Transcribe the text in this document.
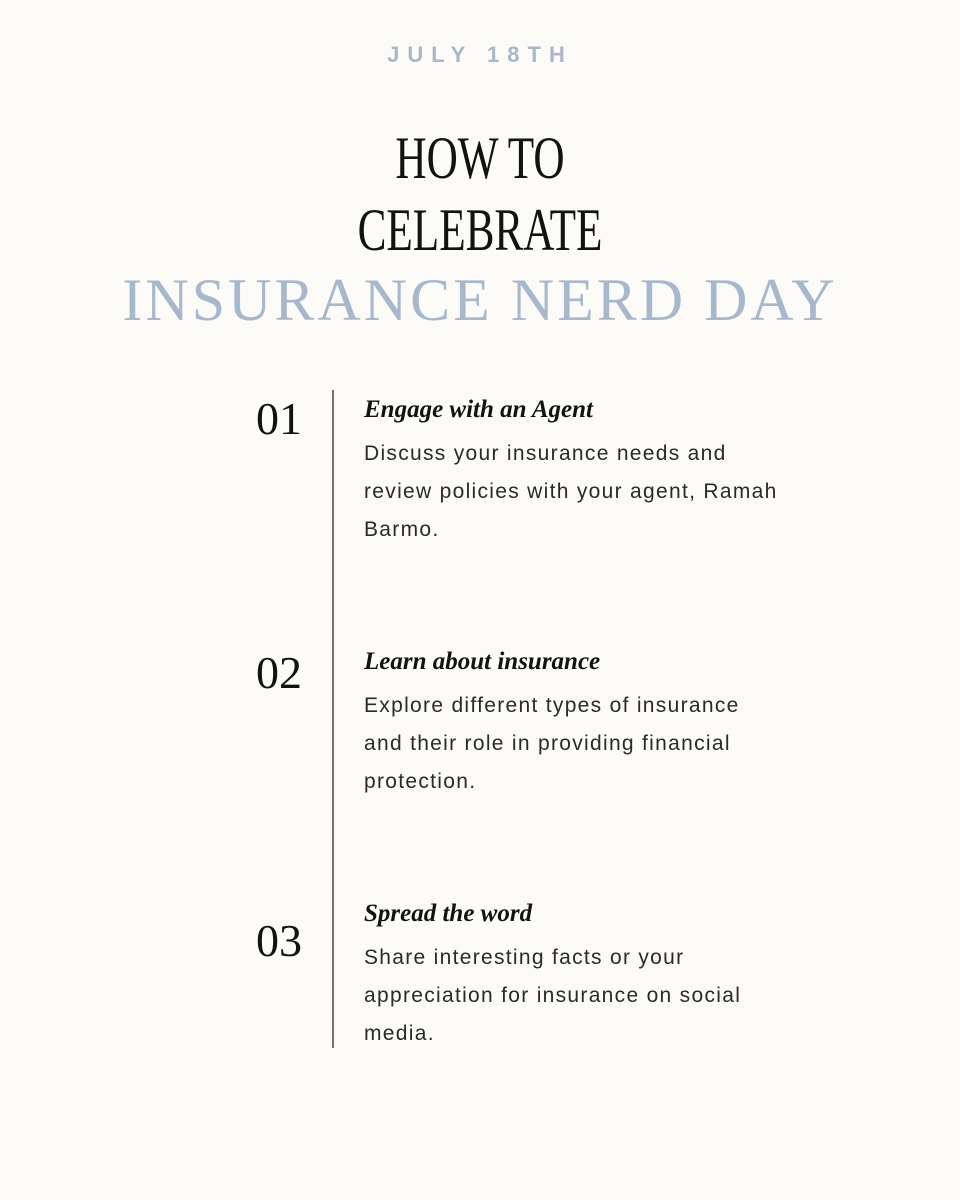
JULY 18TH
HOW TO
CELEBRATE
INSURANCE NERD DAY
01 Engage with an Agent
Discuss your insurance needs and review policies with your agent, Ramah Barmo.
02 Learn about insurance
Explore different types of insurance and their role in providing financial protection.
03
Spread the word
Share interesting facts or your appreciation for insurance on social media.
